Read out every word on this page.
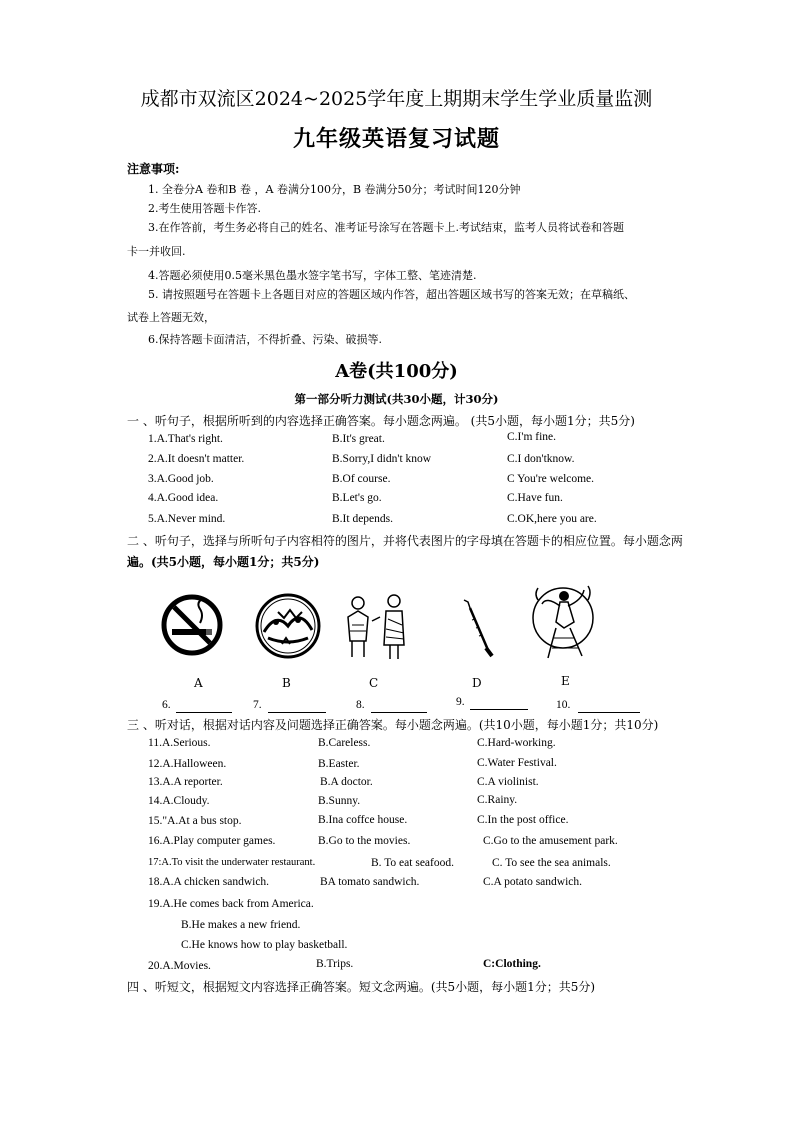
成都市双流区2024~2025学年度上期期末学生学业质量监测
九年级英语复习试题
注意事项:
1. 全卷分A 卷和B 卷 ，A 卷满分100分，B 卷满分50分；考试时间120分钟
2.考生使用答题卡作答.
3.在作答前，考生务必将自己的姓名、准考证号涂写在答题卡上.考试结束，监考人员将试卷和答题
卡一并收回.
4.答题必须使用0.5毫米黑色墨水签字笔书写，字体工整、笔迹清楚.
5. 请按照题号在答题卡上各题目对应的答题区域内作答，超出答题区域书写的答案无效；在草稿纸、
试卷上答题无效，
6.保持答题卡面清洁，不得折叠、污染、破损等.
A卷(共100分)
第一部分听力测试(共30小题，计30分)
一 、听句子，根据所听到的内容选择正确答案。每小题念两遍。 (共5小题，每小题1分；共5分)
1.A.That's right.	B.It's great.	C.I'm fine.
2.A.It doesn't matter.	B.Sorry,I didn't know	C.I don'tknow.
3.A.Good job.	B.Of course.	C You're welcome.
4.A.Good idea.	B.Let's go.	C.Have fun.
5.A.Never mind.	B.It depends.	C.OK,here you are.
二 、听句子，选择与所听句子内容相符的图片，并将代表图片的字母填在答题卡的相应位置。每小题念两
遍。(共5小题，每小题1分；共5分)
A	B	C	D	E
6.	7.	8.	9.	10.
三 、听对话，根据对话内容及问题选择正确答案。每小题念两遍。(共10小题，每小题1分；共10分)
11.A.Serious.	B.Careless.	C.Hard-working.
12.A.Halloween.	B.Easter.	C.Water Festival.
13.A.A reporter.	B.A doctor.	C.A violinist.
14.A.Cloudy.	B.Sunny.	C.Rainy.
15."A.At a bus stop.	B.Ina coffce house.	C.In the post office.
16.A.Play computer games.	B.Go to the movies.	C.Go to the amusement park.
17:A.To visit the underwater restaurant.	B. To eat seafood.	C. To see the sea animals.
18.A.A chicken sandwich.	BA tomato sandwich.	C.A potato sandwich.
19.A.He comes back from America.
B.He makes a new friend.
C.He knows how to play basketball.
20.A.Movies.	B.Trips.	C:Clothing.
四 、听短文，根据短文内容选择正确答案。短文念两遍。(共5小题，每小题1分；共5分)
